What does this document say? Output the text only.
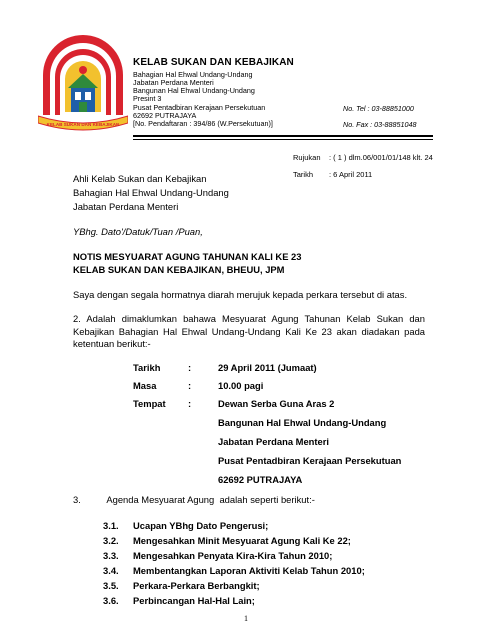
KELAB SUKAN DAN KEBAJIKAN
KELAB SUKAN DAN KEBAJIKAN
Bahagian Hal Ehwal Undang-Undang
Jabatan Perdana Menteri
Bangunan Hal Ehwal Undang-Undang
Presint 3
Pusat Pentadbiran Kerajaan Persekutuan
62692 PUTRAJAYA
[No. Pendaftaran : 394/86 (W.Persekutuan)]
No. Tel : 03-88851000
No. Fax : 03-88851048
Rujukan : ( 1 ) dlm.06/001/01/148 klt. 24
Tarikh : 6 April 2011
Ahli Kelab Sukan dan Kebajikan
Bahagian Hal Ehwal Undang-Undang
Jabatan Perdana Menteri
YBhg. Dato'/Datuk/Tuan /Puan,
NOTIS MESYUARAT AGUNG TAHUNAN KALI KE 23
KELAB SUKAN DAN KEBAJIKAN, BHEUU, JPM
Saya dengan segala hormatnya diarah merujuk kepada perkara tersebut di atas.
2. Adalah dimaklumkan bahawa Mesyuarat Agung Tahunan Kelab Sukan dan Kebajikan Bahagian Hal Ehwal Undang-Undang Kali Ke 23 akan diadakan pada ketentuan berikut:-
Tarikh	:	29 April 2011 (Jumaat)
Masa	:	10.00 pagi
Tempat :	Dewan Serba Guna Aras 2
Bangunan Hal Ehwal Undang-Undang
Jabatan Perdana Menteri
Pusat Pentadbiran Kerajaan Persekutuan
62692 PUTRAJAYA
3.          Agenda Mesyuarat Agung  adalah seperti berikut:-
3.1. Ucapan YBhg Dato Pengerusi;
3.2. Mengesahkan Minit Mesyuarat Agung Kali Ke 22;
3.3. Mengesahkan Penyata Kira-Kira Tahun 2010;
3.4. Membentangkan Laporan Aktiviti Kelab Tahun 2010;
3.5. Perkara-Perkara Berbangkit;
3.6. Perbincangan Hal-Hal Lain;
1
